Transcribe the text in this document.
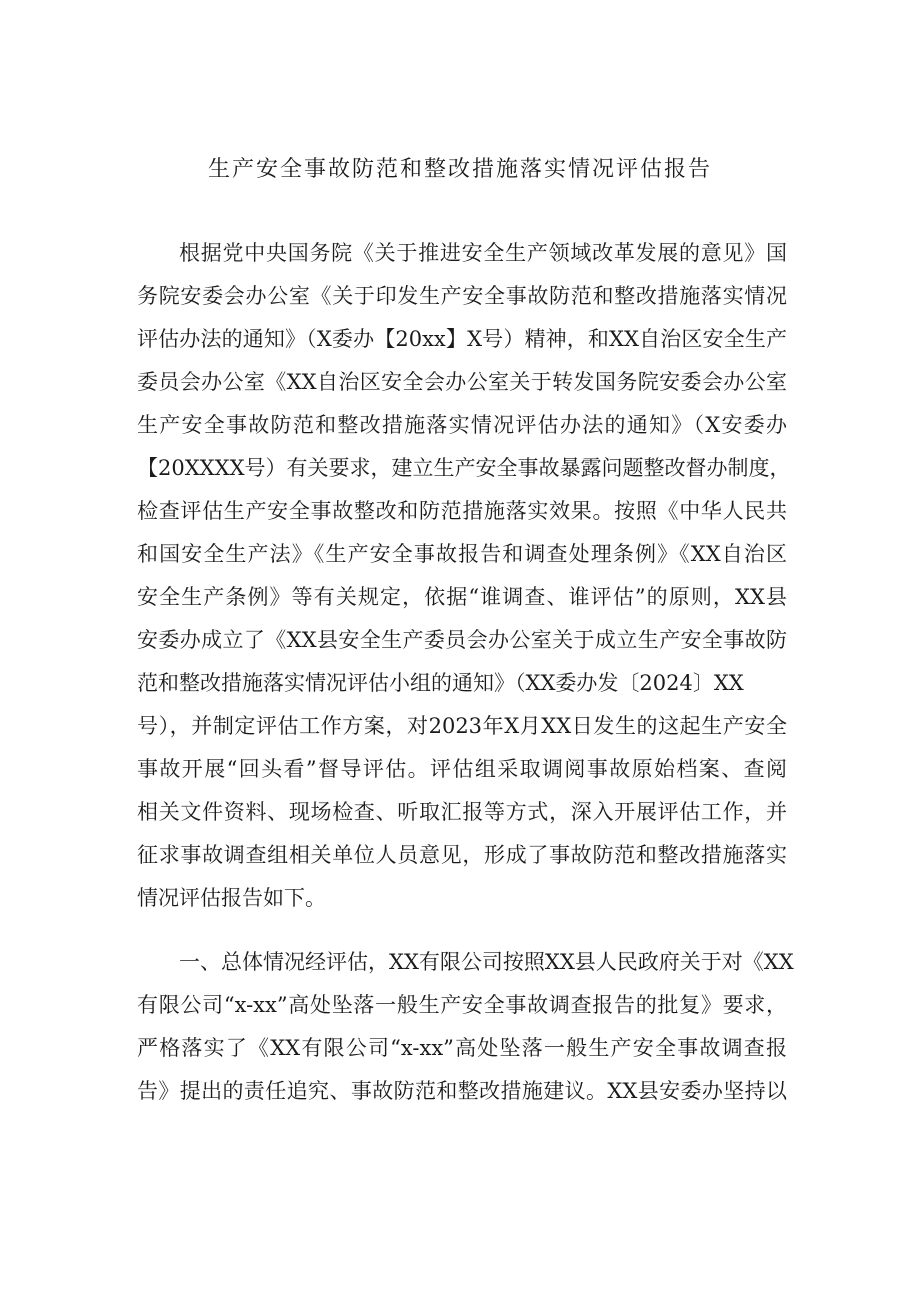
生产安全事故防范和整改措施落实情况评估报告
根据党中央国务院《关于推进安全生产领域改革发展的意见》国
务院安委会办公室《关于印发生产安全事故防范和整改措施落实情况
评估办法的通知》（X委办【20xx】X号）精神，和XX自治区安全生产
委员会办公室《XX自治区安全会办公室关于转发国务院安委会办公室
生产安全事故防范和整改措施落实情况评估办法的通知》（X安委办
【20XXXX号）有关要求，建立生产安全事故暴露问题整改督办制度，
检查评估生产安全事故整改和防范措施落实效果。按照《中华人民共
和国安全生产法》《生产安全事故报告和调查处理条例》《XX自治区
安全生产条例》等有关规定，依据“谁调查、谁评估”的原则，XX县
安委办成立了《XX县安全生产委员会办公室关于成立生产安全事故防
范和整改措施落实情况评估小组的通知》（XX委办发〔2024〕XX
号），并制定评估工作方案，对2023年X月XX日发生的这起生产安全
事故开展“回头看”督导评估。评估组采取调阅事故原始档案、查阅
相关文件资料、现场检查、听取汇报等方式，深入开展评估工作，并
征求事故调查组相关单位人员意见，形成了事故防范和整改措施落实
情况评估报告如下。
一、总体情况经评估，XX有限公司按照XX县人民政府关于对《XX
有限公司“x-xx”高处坠落一般生产安全事故调查报告的批复》要求，
严格落实了《XX有限公司“x-xx”高处坠落一般生产安全事故调查报
告》提出的责任追究、事故防范和整改措施建议。XX县安委办坚持以
